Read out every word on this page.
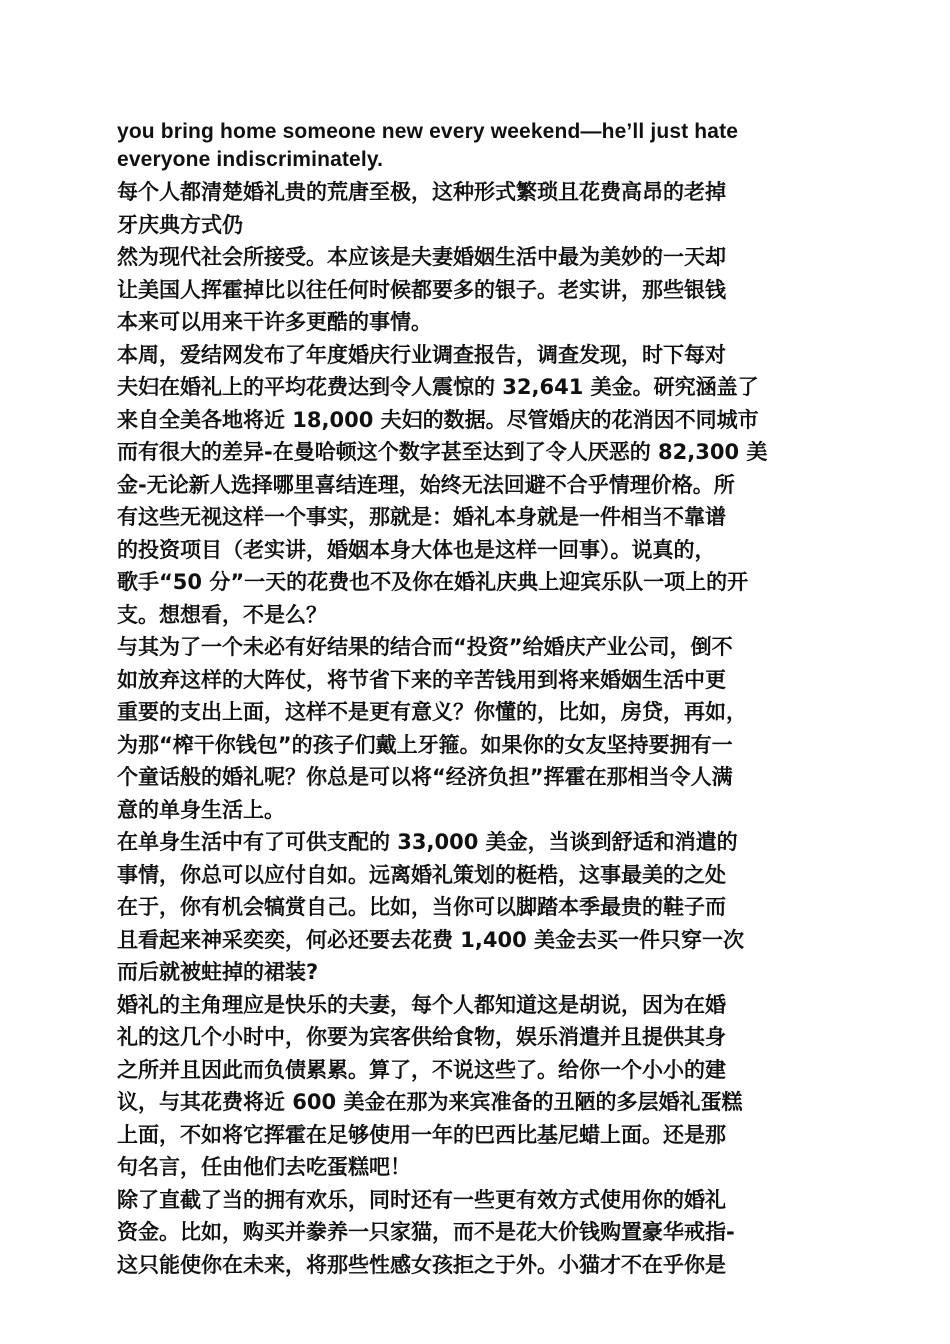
you bring home someone new every weekend—he’ll just hate

everyone indiscriminately.

每个人都清楚婚礼贵的荒唐至极，这种形式繁琐且花费高昂的老掉

牙庆典方式仍

然为现代社会所接受。本应该是夫妻婚姻生活中最为美妙的一天却

让美国人挥霍掉比以往任何时候都要多的银子。老实讲，那些银钱

本来可以用来干许多更酷的事情。

本周，爱结网发布了年度婚庆行业调查报告，调查发现，时下每对

夫妇在婚礼上的平均花费达到令人震惊的 32,641 美金。研究涵盖了

来自全美各地将近 18,000 夫妇的数据。尽管婚庆的花消因不同城市

而有很大的差异-在曼哈顿这个数字甚至达到了令人厌恶的 82,300 美

金-无论新人选择哪里喜结连理，始终无法回避不合乎情理价格。所

有这些无视这样一个事实，那就是：婚礼本身就是一件相当不靠谱

的投资项目（老实讲，婚姻本身大体也是这样一回事）。说真的，

歌手“50 分”一天的花费也不及你在婚礼庆典上迎宾乐队一项上的开

支。想想看，不是么？

与其为了一个未必有好结果的结合而“投资”给婚庆产业公司，倒不

如放弃这样的大阵仗，将节省下来的辛苦钱用到将来婚姻生活中更

重要的支出上面，这样不是更有意义？你懂的，比如，房贷，再如，

为那“榨干你钱包”的孩子们戴上牙箍。如果你的女友坚持要拥有一

个童话般的婚礼呢？你总是可以将“经济负担”挥霍在那相当令人满

意的单身生活上。

在单身生活中有了可供支配的 33,000 美金，当谈到舒适和消遣的

事情，你总可以应付自如。远离婚礼策划的梃梏，这事最美的之处

在于，你有机会犒赏自己。比如，当你可以脚踏本季最贵的鞋子而

且看起来神采奕奕，何必还要去花费 1,400 美金去买一件只穿一次

而后就被蛀掉的裙装?

婚礼的主角理应是快乐的夫妻，每个人都知道这是胡说，因为在婚

礼的这几个小时中，你要为宾客供给食物，娱乐消遣并且提供其身

之所并且因此而负债累累。算了，不说这些了。给你一个小小的建

议，与其花费将近 600 美金在那为来宾准备的丑陋的多层婚礼蛋糕

上面，不如将它挥霍在足够使用一年的巴西比基尼蜡上面。还是那

句名言，任由他们去吃蛋糕吧！

除了直截了当的拥有欢乐，同时还有一些更有效方式使用你的婚礼

资金。比如，购买并豢养一只家猫，而不是花大价钱购置豪华戒指-

这只能使你在未来，将那些性感女孩拒之于外。小猫才不在乎你是
